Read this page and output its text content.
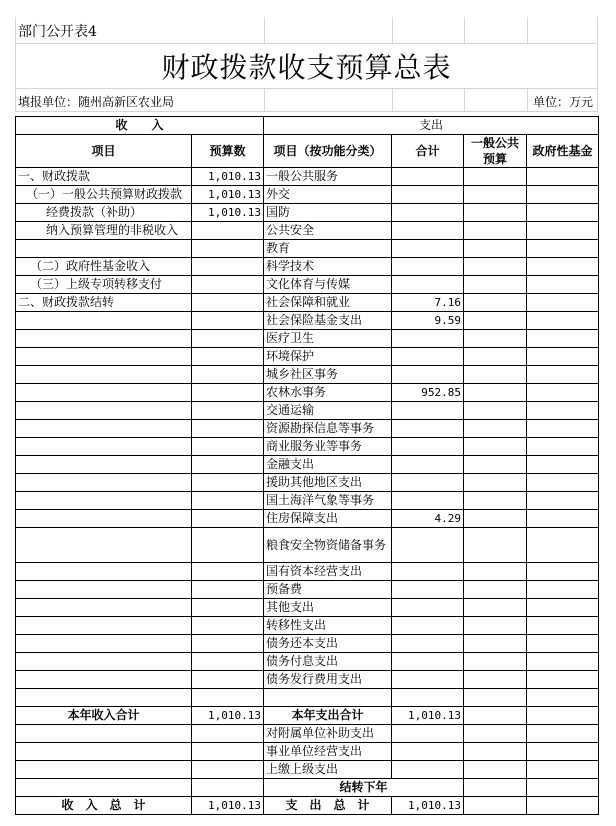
部门公开表4
财政拨款收支预算总表
填报单位：随州高新区农业局	单位：万元
收　　入		支出			
项目	预算数	项目（按功能分类）	合计	一般公共预算	政府性基金
一、财政拨款	1,010.13	一般公共服务			
（一）一般公共预算财政拨款	1,010.13	外交			
经费拨款（补助）	1,010.13	国防			
纳入预算管理的非税收入		公共安全			
		教育			
（二）政府性基金收入		科学技术			
（三）上级专项转移支付		文化体育与传媒			
二、财政拨款结转		社会保障和就业	7.16		
		社会保险基金支出	9.59		
		医疗卫生			
		环境保护			
		城乡社区事务			
		农林水事务	952.85		
		交通运输			
		资源勘探信息等事务			
		商业服务业等事务			
		金融支出			
		援助其他地区支出			
		国土海洋气象等事务			
		住房保障支出	4.29		
		粮食安全物资储备事务			
		国有资本经营支出			
		预备费			
		其他支出			
		转移性支出			
		债务还本支出			
		债务付息支出			
		债务发行费用支出			

本年收入合计	1,010.13	本年支出合计	1,010.13		
		对附属单位补助支出			
		事业单位经营支出			
		上缴上级支出			
		结转下年			
收　入　总　计	1,010.13	支　出　总　计	1,010.13		
